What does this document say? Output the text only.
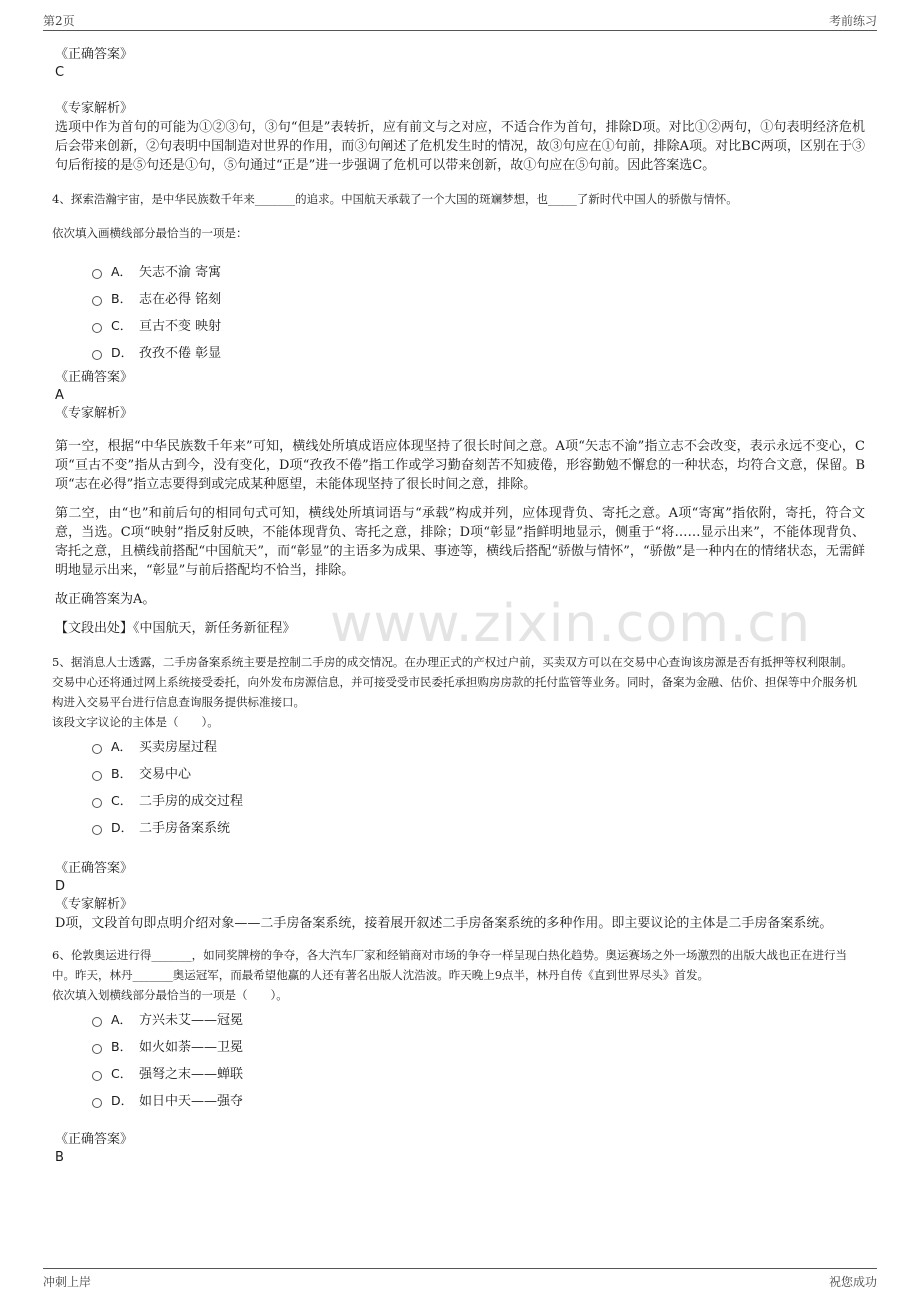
第2页	考前练习
www.zixin.com.cn
《正确答案》
C
《专家解析》

选项中作为首句的可能为①②③句，③句“但是”表转折，应有前文与之对应，不适合作为首句，排除D项。对比①②两句，①句表明经济危机后会带来创新，②句表明中国制造对世界的作用，而③句阐述了危机发生时的情况，故③句应在①句前，排除A项。对比BC两项，区别在于③句后衔接的是⑤句还是①句，⑤句通过“正是”进一步强调了危机可以带来创新，故①句应在⑤句前。因此答案选C。

4、探索浩瀚宇宙，是中华民族数千年来_______的追求。中国航天承载了一个大国的斑斓梦想，也_____了新时代中国人的骄傲与情怀。

依次填入画横线部分最恰当的一项是：

A． 矢志不渝 寄寓
B． 志在必得 铭刻
C． 亘古不变 映射
D． 孜孜不倦 彰显
《正确答案》
A
《专家解析》

第一空，根据“中华民族数千年来”可知，横线处所填成语应体现坚持了很长时间之意。A项“矢志不渝”指立志不会改变，表示永远不变心，C项“亘古不变”指从古到今，没有变化，D项“孜孜不倦”指工作或学习勤奋刻苦不知疲倦，形容勤勉不懈怠的一种状态，均符合文意，保留。B项“志在必得”指立志要得到或完成某种愿望，未能体现坚持了很长时间之意，排除。

第二空，由“也”和前后句的相同句式可知，横线处所填词语与“承载”构成并列，应体现背负、寄托之意。A项“寄寓”指依附，寄托，符合文意，当选。C项“映射”指反射反映，不能体现背负、寄托之意，排除；D项“彰显”指鲜明地显示，侧重于“将……显示出来”，不能体现背负、寄托之意，且横线前搭配“中国航天”，而“彰显”的主语多为成果、事迹等，横线后搭配“骄傲与情怀”，“骄傲”是一种内在的情绪状态，无需鲜明地显示出来，“彰显”与前后搭配均不恰当，排除。

故正确答案为A。

【文段出处】《中国航天，新任务新征程》

5、据消息人士透露，二手房备案系统主要是控制二手房的成交情况。在办理正式的产权过户前，买卖双方可以在交易中心查询该房源是否有抵押等权利限制。交易中心还将通过网上系统接受委托，向外发布房源信息，并可接受受市民委托承担购房房款的托付监管等业务。同时，备案为金融、估价、担保等中介服务机构进入交易平台进行信息查询服务提供标准接口。

该段文字议论的主体是（　　）。

A． 买卖房屋过程
B． 交易中心
C． 二手房的成交过程
D． 二手房备案系统
《正确答案》
D
《专家解析》

D项，文段首句即点明介绍对象——二手房备案系统，接着展开叙述二手房备案系统的多种作用。即主要议论的主体是二手房备案系统。

6、伦敦奥运进行得_______，如同奖牌榜的争夺，各大汽车厂家和经销商对市场的争夺一样呈现白热化趋势。奥运赛场之外一场激烈的出版大战也正在进行当中。昨天，林丹_______奥运冠军，而最希望他赢的人还有著名出版人沈浩波。昨天晚上9点半，林丹自传《直到世界尽头》首发。

依次填入划横线部分最恰当的一项是（　　）。

A． 方兴未艾——冠冕
B． 如火如荼——卫冕
C． 强弩之末——蝉联
D． 如日中天——强夺
《正确答案》
B
冲刺上岸	祝您成功
